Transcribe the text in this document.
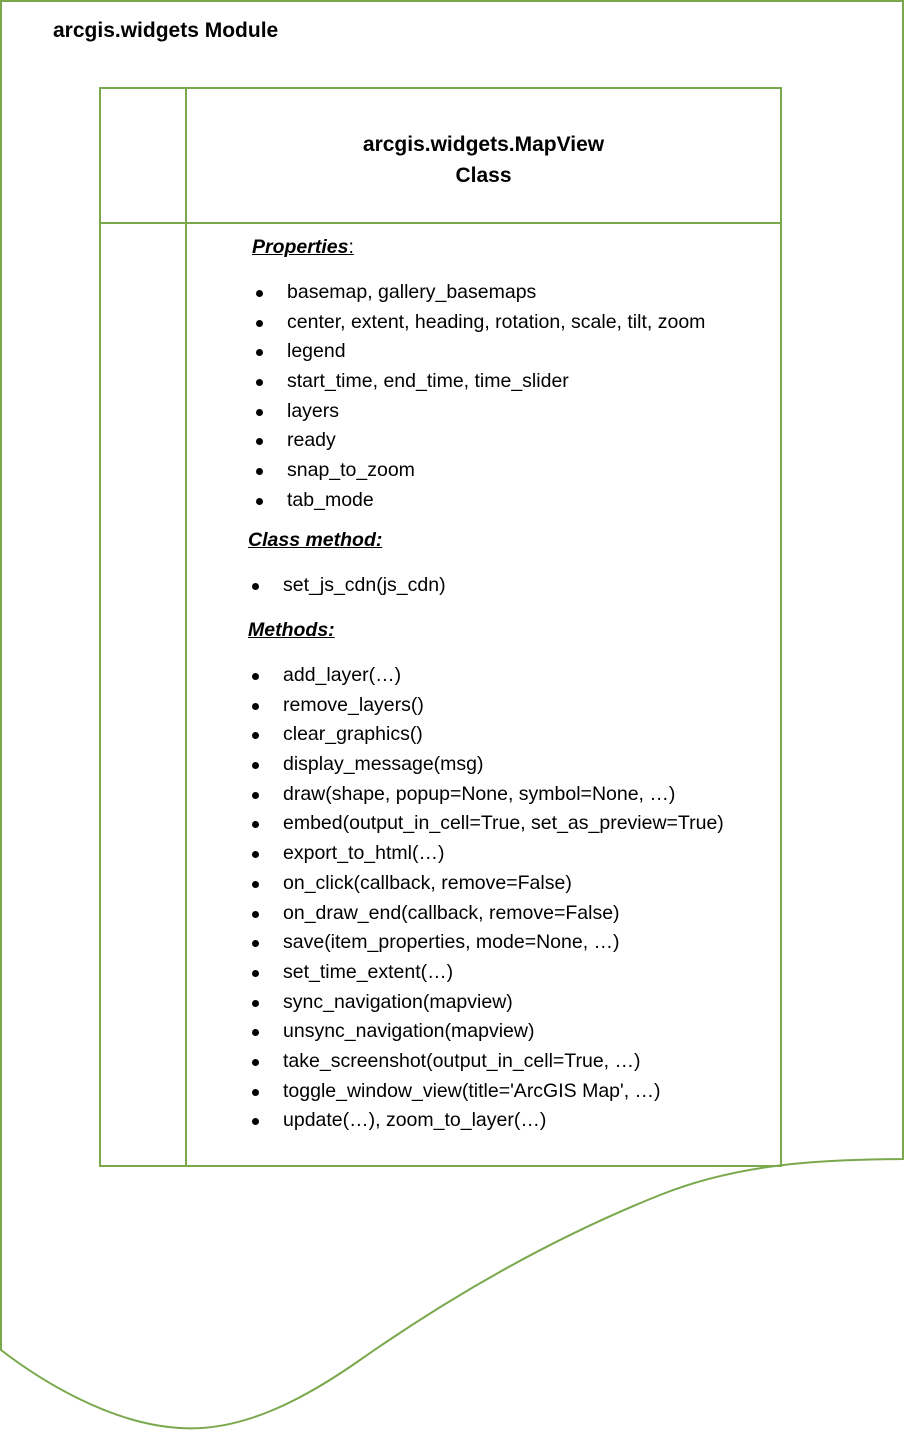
arcgis.widgets Module
arcgis.widgets.MapView
Class
Properties:
basemap, gallery_basemaps
center, extent, heading, rotation, scale, tilt, zoom
legend
start_time, end_time, time_slider
layers
ready
snap_to_zoom
tab_mode
Class method:
set_js_cdn(js_cdn)
Methods:
add_layer(…)
remove_layers()
clear_graphics()
display_message(msg)
draw(shape, popup=None, symbol=None, …)
embed(output_in_cell=True, set_as_preview=True)
export_to_html(…)
on_click(callback, remove=False)
on_draw_end(callback, remove=False)
save(item_properties, mode=None, …)
set_time_extent(…)
sync_navigation(mapview)
unsync_navigation(mapview)
take_screenshot(output_in_cell=True, …)
toggle_window_view(title='ArcGIS Map', …)
update(…), zoom_to_layer(…)
